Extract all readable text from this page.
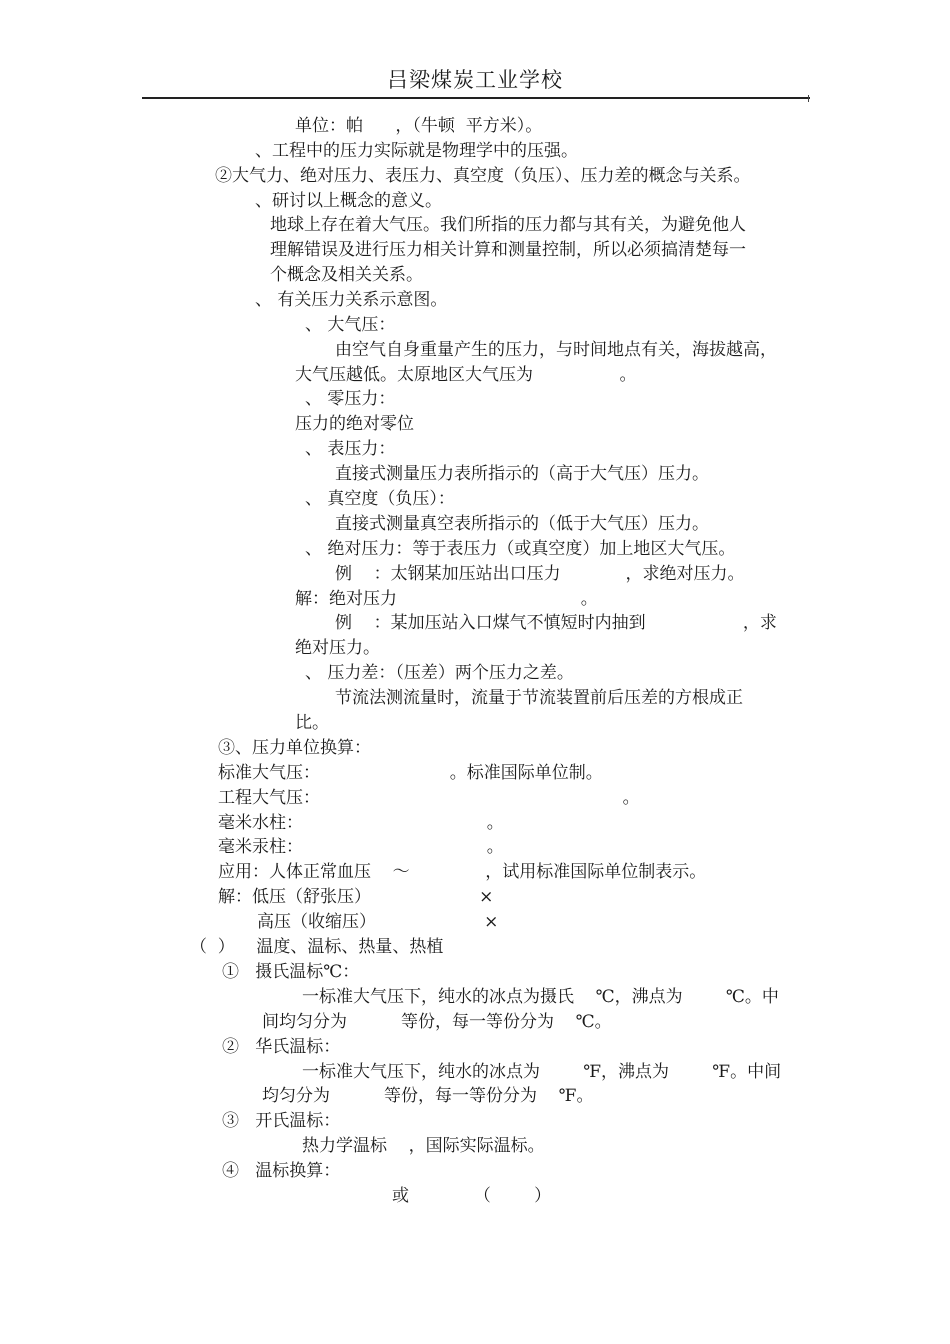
吕梁煤炭工业学校
单位：帕      ，（牛顿  平方米）。
、工程中的压力实际就是物理学中的压强。
②大气力、绝对压力、表压力、真空度（负压）、压力差的概念与关系。
、研讨以上概念的意义。
地球上存在着大气压。我们所指的压力都与其有关，为避免他人
理解错误及进行压力相关计算和测量控制，所以必须搞清楚每一
个概念及相关关系。
、 有关压力关系示意图。
、 大气压：
由空气自身重量产生的压力，与时间地点有关，海拔越高，
大气压越低。太原地区大气压为                。
、 零压力：
压力的绝对零位
、 表压力：
直接式测量压力表所指示的（高于大气压）压力。
、 真空度（负压）：
直接式测量真空表所指示的（低于大气压）压力。
、 绝对压力：等于表压力（或真空度）加上地区大气压。
例    ：太钢某加压站出口压力            ，求绝对压力。
解：绝对压力                                  。
例    ：某加压站入口煤气不慎短时内抽到                  ，求
绝对压力。
、 压力差：（压差）两个压力之差。
节流法测流量时，流量于节流装置前后压差的方根成正
比。
③、压力单位换算：
标准大气压：                        。标准国际单位制。
工程大气压：                                                        。
毫米水柱：                                  。
毫米汞柱：                                  。
应用：人体正常血压    ～              ，试用标准国际单位制表示。
解：低压（舒张压）                    ×
高压（收缩压）                    ×
（  ）    温度、温标、热量、热植
①   摄氏温标℃：
一标准大气压下，纯水的冰点为摄氏    ℃，沸点为        ℃。中
间均匀分为          等份，每一等份分为    ℃。
②   华氏温标：
一标准大气压下，纯水的冰点为        ℉，沸点为        ℉。中间
均匀分为          等份，每一等份分为    ℉。
③   开氏温标：
热力学温标    ，国际实际温标。
④   温标换算：
或            （        ）
